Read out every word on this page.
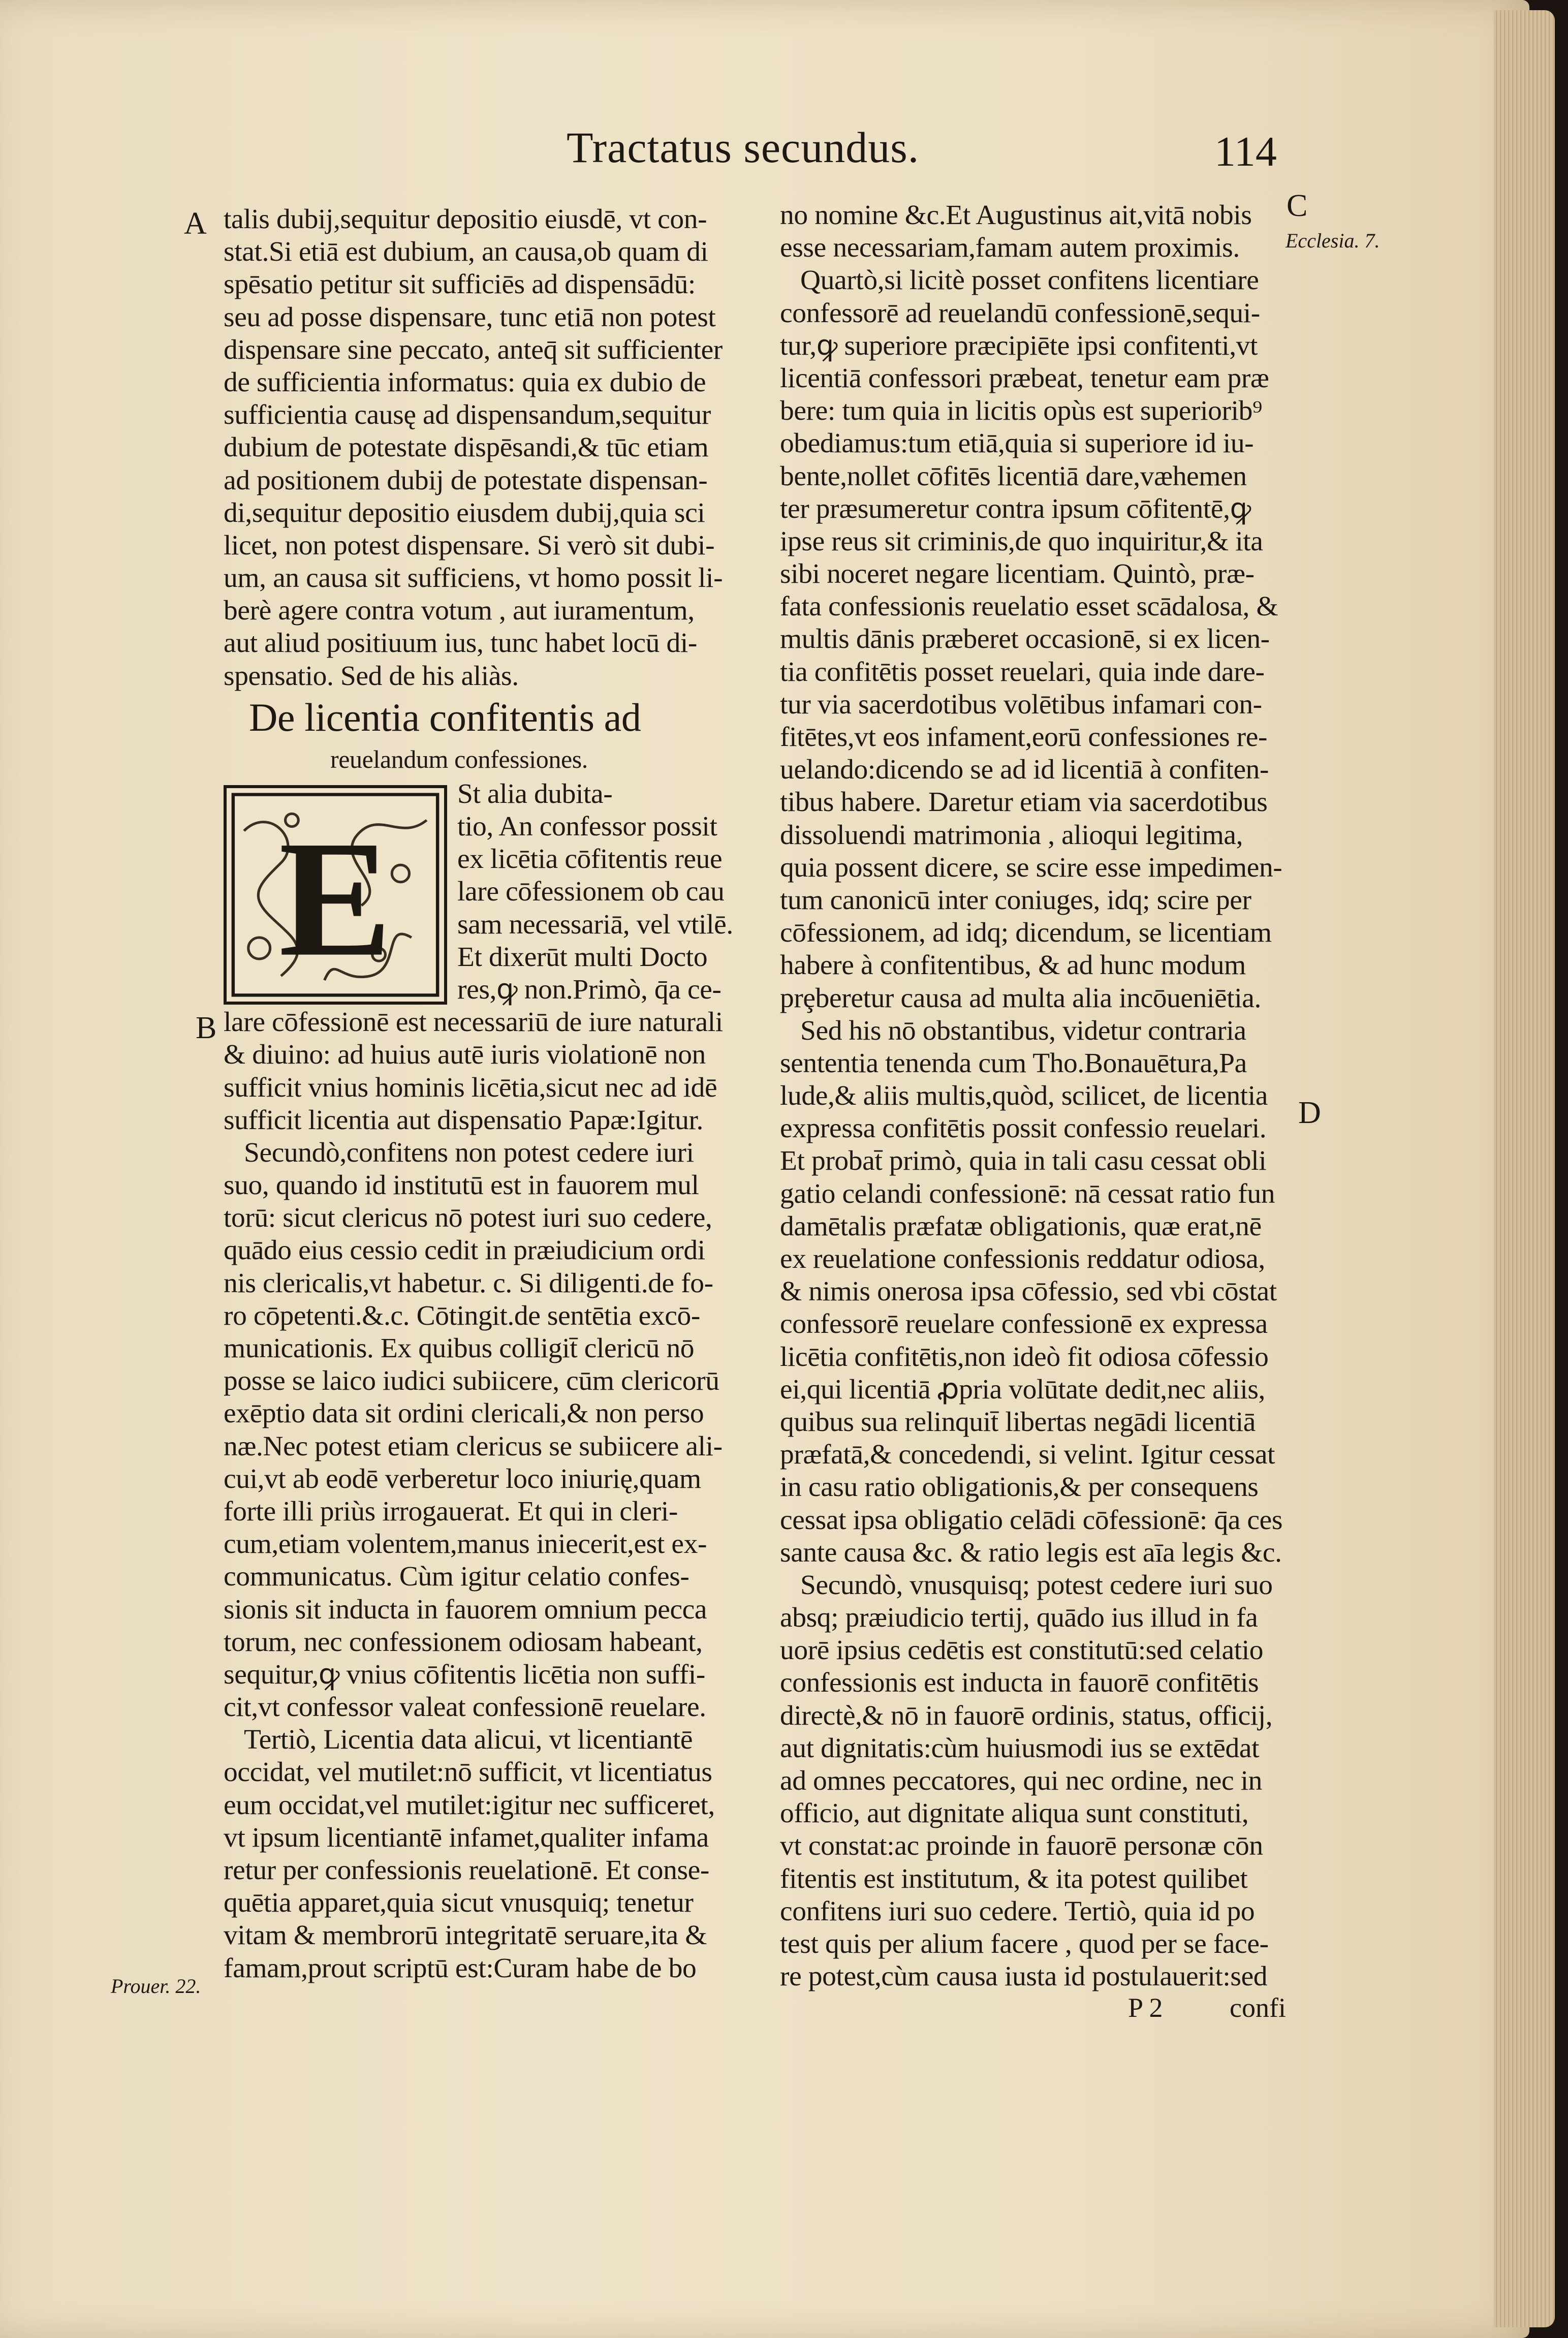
Tractatus secundus.	114
A
B
C
D
Ecclesia. 7.
Prouer. 22.
E
talis dubij,sequitur depositio eiusdē, vt con-
stat.Si etiā est dubium, an causa,ob quam di
spēsatio petitur sit sufficiēs ad dispensādū:
seu ad posse dispensare, tunc etiā non potest
dispensare sine peccato, anteq̄ sit sufficienter
de sufficientia informatus: quia ex dubio de
sufficientia causę ad dispensandum,sequitur
dubium de potestate dispēsandi,& tūc etiam
ad positionem dubij de potestate dispensan-
di,sequitur depositio eiusdem dubij,quia sci
licet, non potest dispensare. Si verò sit dubi-
um, an causa sit sufficiens, vt homo possit li-
berè agere contra votum , aut iuramentum,
aut aliud positiuum ius, tunc habet locū di-
spensatio. Sed de his aliàs.
De licentia confitentis ad
reuelandum confessiones.
St alia dubita-
tio, An confessor possit
ex licētia cōfitentis reue
lare cōfessionem ob cau
sam necessariā, vel vtilē.
Et dixerūt multi Docto
res,ꝙ non.Primò, q̄a ce-
lare cōfessionē est necessariū de iure naturali
& diuino: ad huius autē iuris violationē non
sufficit vnius hominis licētia,sicut nec ad idē
sufficit licentia aut dispensatio Papæ:Igitur.
Secundò,confitens non potest cedere iuri
suo, quando id institutū est in fauorem mul
torū: sicut clericus nō potest iuri suo cedere,
quādo eius cessio cedit in præiudicium ordi
nis clericalis,vt habetur. c. Si diligenti.de fo-
ro cōpetenti.&.c. Cōtingit.de sentētia excō-
municationis. Ex quibus colligit̄ clericū nō
posse se laico iudici subiicere, cūm clericorū
exēptio data sit ordini clericali,& non perso
næ.Nec potest etiam clericus se subiicere ali-
cui,vt ab eodē verberetur loco iniurię,quam
forte illi priùs irrogauerat. Et qui in cleri-
cum,etiam volentem,manus iniecerit,est ex-
communicatus. Cùm igitur celatio confes-
sionis sit inducta in fauorem omnium pecca
torum, nec confessionem odiosam habeant,
sequitur,ꝙ vnius cōfitentis licētia non suffi-
cit,vt confessor valeat confessionē reuelare.
Tertiò, Licentia data alicui, vt licentiantē
occidat, vel mutilet:nō sufficit, vt licentiatus
eum occidat,vel mutilet:igitur nec sufficeret,
vt ipsum licentiantē infamet,qualiter infama
retur per confessionis reuelationē. Et conse-
quētia apparet,quia sicut vnusquiq; tenetur
vitam & membrorū integritatē seruare,ita &
famam,prout scriptū est:Curam habe de bo
no nomine &c.Et Augustinus ait,vitā nobis
esse necessariam,famam autem proximis.
Quartò,si licitè posset confitens licentiare
confessorē ad reuelandū confessionē,sequi-
tur,ꝙ superiore præcipiēte ipsi confitenti,vt
licentiā confessori præbeat, tenetur eam præ
bere: tum quia in licitis opùs est superiorib⁹
obediamus:tum etiā,quia si superiore id iu-
bente,nollet cōfitēs licentiā dare,væhemen
ter præsumeretur contra ipsum cōfitentē,ꝙ
ipse reus sit criminis,de quo inquiritur,& ita
sibi noceret negare licentiam. Quintò, præ-
fata confessionis reuelatio esset scādalosa, &
multis dānis præberet occasionē, si ex licen-
tia confitētis posset reuelari, quia inde dare-
tur via sacerdotibus volētibus infamari con-
fitētes,vt eos infament,eorū confessiones re-
uelando:dicendo se ad id licentiā à confiten-
tibus habere. Daretur etiam via sacerdotibus
dissoluendi matrimonia , alioqui legitima,
quia possent dicere, se scire esse impedimen-
tum canonicū inter coniuges, idq; scire per
cōfessionem, ad idq; dicendum, se licentiam
habere à confitentibus, & ad hunc modum
prȩberetur causa ad multa alia incōueniētia.
Sed his nō obstantibus, videtur contraria
sententia tenenda cum Tho.Bonauētura,Pa
lude,& aliis multis,quòd, scilicet, de licentia
expressa confitētis possit confessio reuelari.
Et probat̄ primò, quia in tali casu cessat obli
gatio celandi confessionē: nā cessat ratio fun
damētalis præfatæ obligationis, quæ erat,nē
ex reuelatione confessionis reddatur odiosa,
& nimis onerosa ipsa cōfessio, sed vbi cōstat
confessorē reuelare confessionē ex expressa
licētia confitētis,non ideò fit odiosa cōfessio
ei,qui licentiā ꝓpria volūtate dedit,nec aliis,
quibus sua relinquit̄ libertas negādi licentiā
præfatā,& concedendi, si velint. Igitur cessat
in casu ratio obligationis,& per consequens
cessat ipsa obligatio celādi cōfessionē: q̄a ces
sante causa &c. & ratio legis est aīa legis &c.
Secundò, vnusquisq; potest cedere iuri suo
absq; præiudicio tertij, quādo ius illud in fa
uorē ipsius cedētis est constitutū:sed celatio
confessionis est inducta in fauorē confitētis
directè,& nō in fauorē ordinis, status, officij,
aut dignitatis:cùm huiusmodi ius se extēdat
ad omnes peccatores, qui nec ordine, nec in
officio, aut dignitate aliqua sunt constituti,
vt constat:ac proinde in fauorē personæ cōn
fitentis est institutum, & ita potest quilibet
confitens iuri suo cedere. Tertiò, quia id po
test quis per alium facere , quod per se face-
re potest,cùm causa iusta id postulauerit:sed
P 2 confi
